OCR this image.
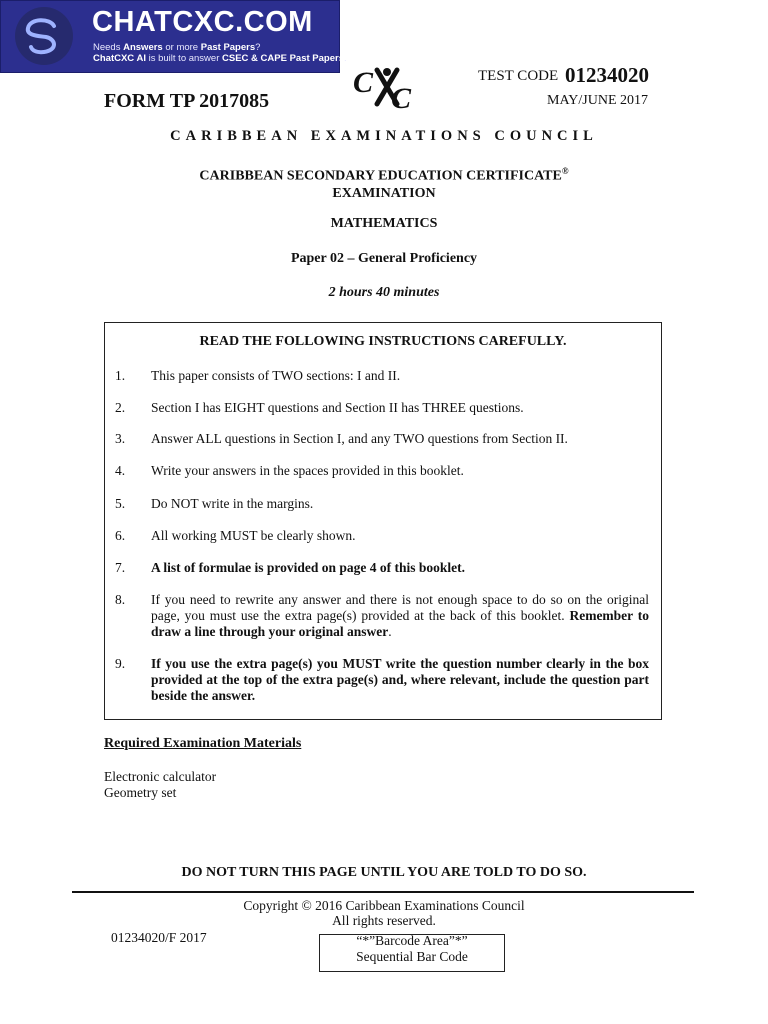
CHATCXC.COM
Needs Answers or more Past Papers?
ChatCXC AI is built to answer CSEC & CAPE Past Papers.
TEST CODE 01234020
FORM TP 2017085
C C	MAY/JUNE 2017
CARIBBEAN EXAMINATIONS COUNCIL
CARIBBEAN SECONDARY EDUCATION CERTIFICATE®
EXAMINATION
MATHEMATICS
Paper 02 – General Proficiency
2 hours 40 minutes
READ THE FOLLOWING INSTRUCTIONS CAREFULLY.
1.	This paper consists of TWO sections: I and II.
2.	Section I has EIGHT questions and Section II has THREE questions.
3.	Answer ALL questions in Section I, and any TWO questions from Section II.
4.	Write your answers in the spaces provided in this booklet.
5.	Do NOT write in the margins.
6.	All working MUST be clearly shown.
7.	A list of formulae is provided on page 4 of this booklet.
8.	If you need to rewrite any answer and there is not enough space to do so on the original page, you must use the extra page(s) provided at the back of this booklet. Remember to draw a line through your original answer.
9.	If you use the extra page(s) you MUST write the question number clearly in the box provided at the top of the extra page(s) and, where relevant, include the question part beside the answer.
Required Examination Materials
Electronic calculator
Geometry set
DO NOT TURN THIS PAGE UNTIL YOU ARE TOLD TO DO SO.
Copyright © 2016 Caribbean Examinations Council
All rights reserved.
01234020/F 2017	“*”Barcode Area”*”
Sequential Bar Code
